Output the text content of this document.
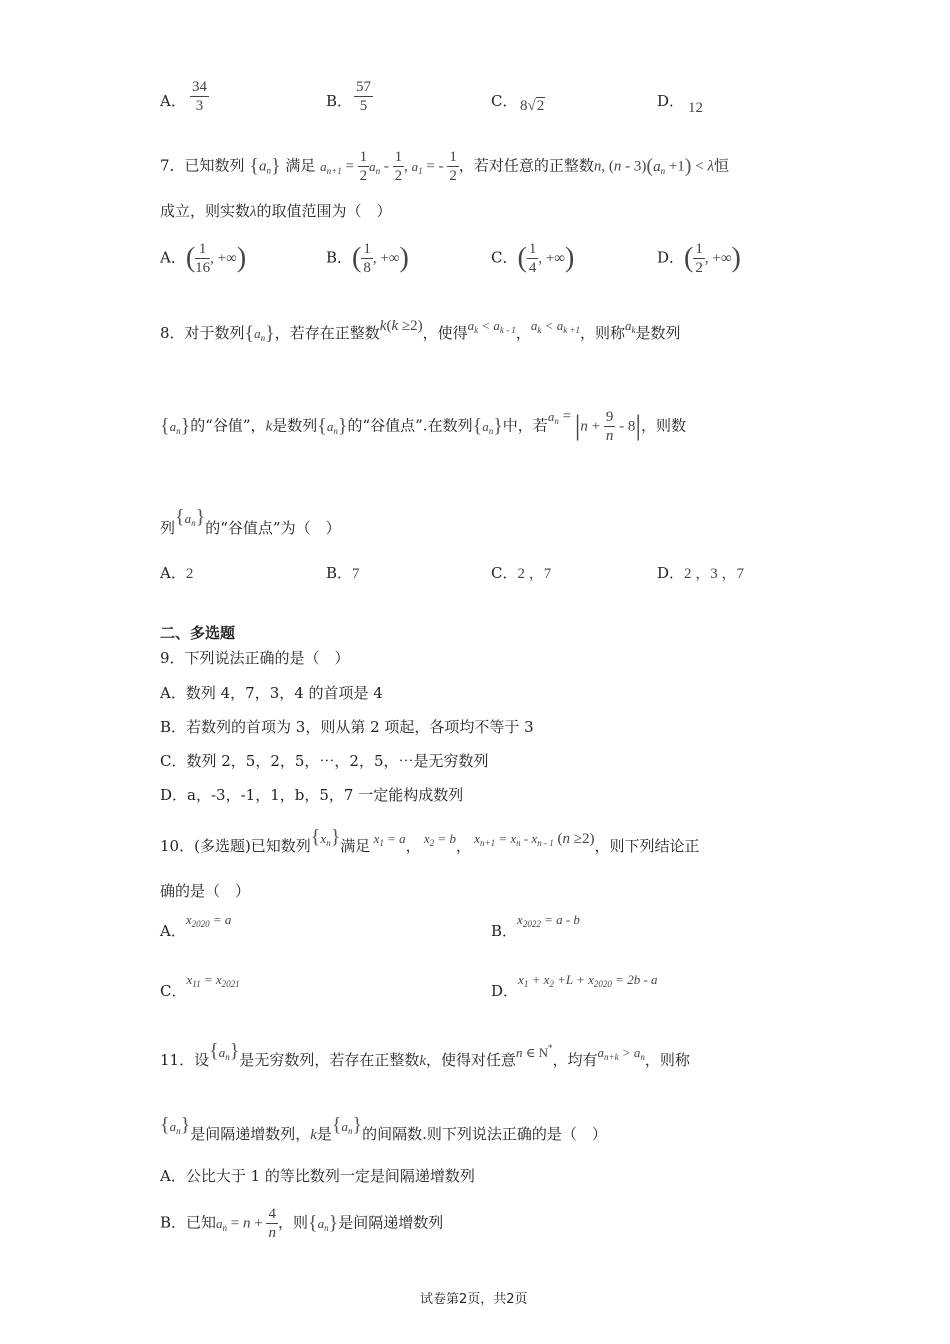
A． $\frac{34}{3}$	B． $\frac{57}{5}$	C． 8√2	D． 12
7．已知数列 $\{a_n\}$ 满足 $a_{n+1} = \frac{1}{2} a_n$ ‑ $\frac{1}{2}$ , $a_1$ = ‑ $\frac{1}{2}$ ，若对任意的正整数n, (n ‑ $3)(a_n +1) < \lambda$恒
成立，则实数λ的取值范围为（　）
A．( $\frac{1}{16}$ , +∞)	B．( $\frac{1}{8}$ , +∞)	C．( $\frac{1}{4}$ , +∞)	D．( $\frac{1}{2}$ , +∞)
8．对于数列$\{a_n\}$，若存在正整数k(k ≥2)，使得$a_k < a_{k ‑ 1}$，$a_k < a_{k +1}$，则称$a_k$是数列
$\{a_n\}$的“谷值”，k是数列$\{a_n\}$的“谷值点”.在数列$\{a_n\}$中，若$a_n = |n + \frac{9}{n}$ ‑ 8|，则数
列$\{a_n\}$的“谷值点”为（　）
A．2	B．7	C．2 ，7	D．2 ，3 ，7
二、多选题
9．下列说法正确的是（　）
A．数列 4，7，3，4 的首项是 4
B．若数列的首项为 3，则从第 2 项起，各项均不等于 3
C．数列 2，5，2，5，⋯，2，5，⋯是无穷数列
D．a，‑3，‑1，1，b，5，7 一定能构成数列
10．(多选题)已知数列$\{x_n\}$满足 $x_1 = a$， $x_2 = b$， $x_{n+1} = x_n$ ‑ $x_{n ‑ 1}$ (n ≥2)，则下列结论正
确的是（　）
A．$x_{2020} = a$
B．$x_{2022} = a$ ‑ b
C．$x_{11} = x_{2021}$	D．$x_1 + x_2 +L + x_{2020} = 2b$ ‑ a
11．设$\{a_n\}$是无穷数列，若存在正整数k，使得对任意n ∈ N*，均有$a_{n+k} > a_n$，则称
$\{a_n\}$是间隔递增数列，k是$\{a_n\}$的间隔数.则下列说法正确的是（　）
A．公比大于 1 的等比数列一定是间隔递增数列
B．已知$a_n = n + \frac{4}{n}$ ，则$\{a_n\}$是间隔递增数列
试卷第2页，共2页
